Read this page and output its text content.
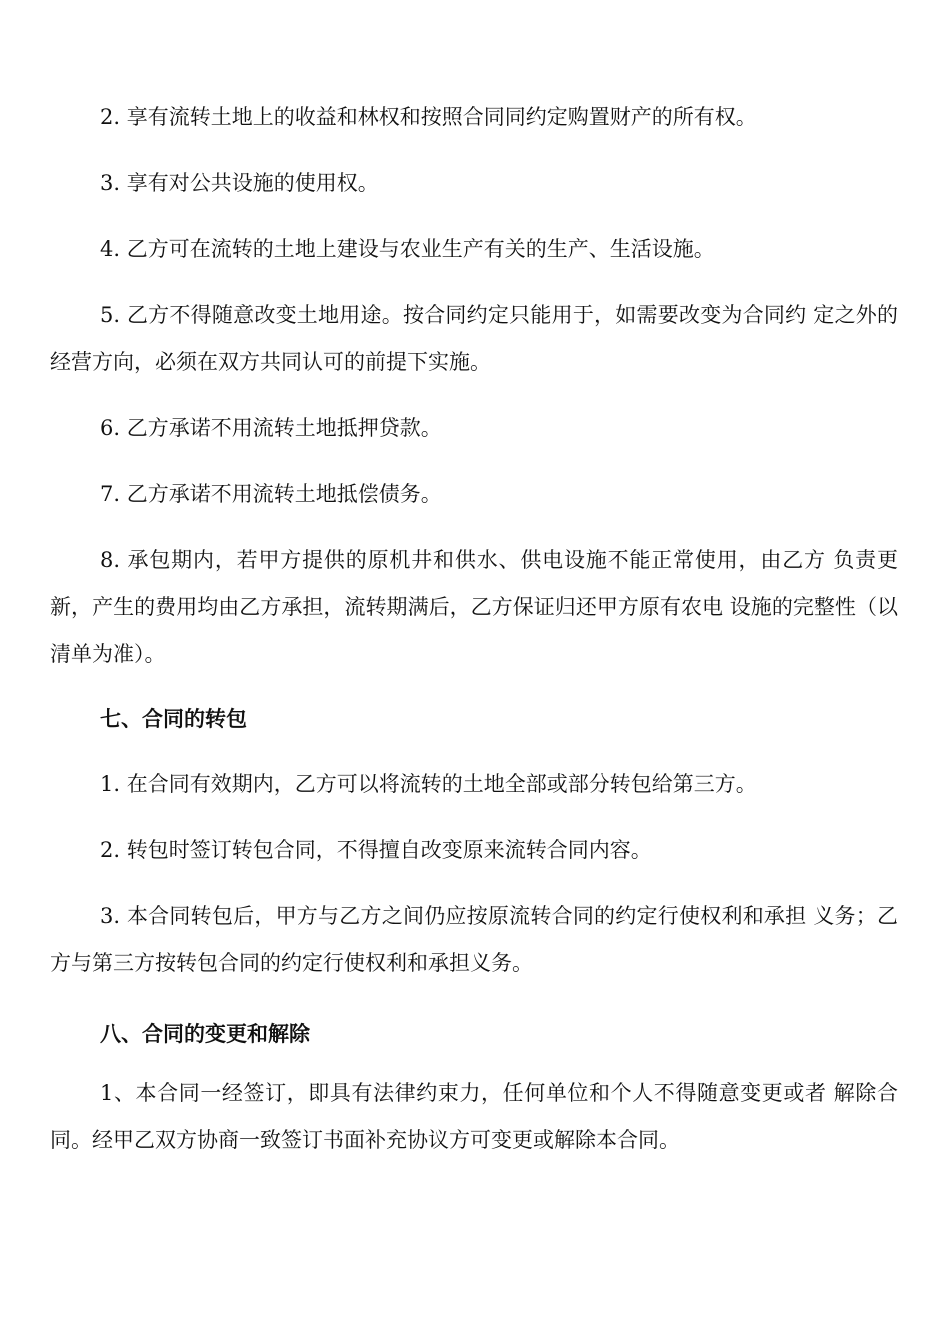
2. 享有流转土地上的收益和林权和按照合同同约定购置财产的所有权。

3. 享有对公共设施的使用权。

4. 乙方可在流转的土地上建设与农业生产有关的生产、生活设施。

5. 乙方不得随意改变土地用途。按合同约定只能用于，如需要改变为合同约 定之外的经营方向，必须在双方共同认可的前提下实施。

6. 乙方承诺不用流转土地抵押贷款。

7. 乙方承诺不用流转土地抵偿债务。

8. 承包期内，若甲方提供的原机井和供水、供电设施不能正常使用，由乙方 负责更新，产生的费用均由乙方承担，流转期满后，乙方保证归还甲方原有农电 设施的完整性（以清单为准）。

七、合同的转包

1. 在合同有效期内，乙方可以将流转的土地全部或部分转包给第三方。

2. 转包时签订转包合同，不得擅自改变原来流转合同内容。

3. 本合同转包后，甲方与乙方之间仍应按原流转合同的约定行使权利和承担 义务；乙方与第三方按转包合同的约定行使权利和承担义务。

八、合同的变更和解除

1、本合同一经签订，即具有法律约束力，任何单位和个人不得随意变更或者 解除合同。经甲乙双方协商一致签订书面补充协议方可变更或解除本合同。
